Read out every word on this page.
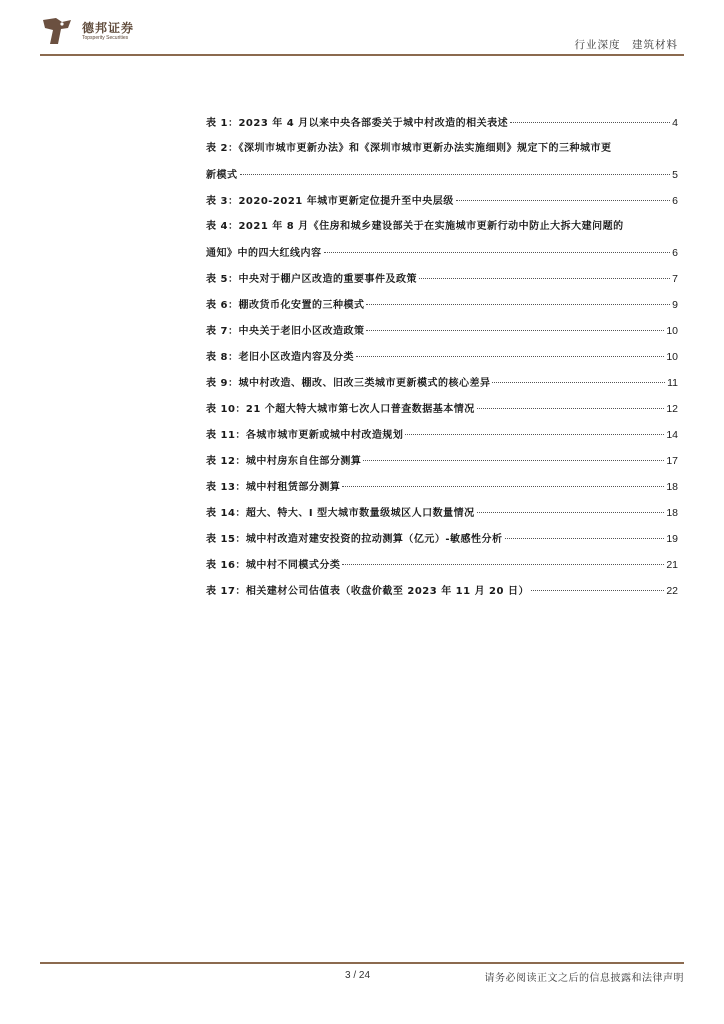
德邦证券
Topsperity Securities
行业深度　建筑材料
表 1：2023 年 4 月以来中央各部委关于城中村改造的相关表述	4
表 2：《深圳市城市更新办法》和《深圳市城市更新办法实施细则》规定下的三种城市更
新模式	5
表 3：2020-2021 年城市更新定位提升至中央层级	6
表 4：2021 年 8 月《住房和城乡建设部关于在实施城市更新行动中防止大拆大建问题的
通知》中的四大红线内容	6
表 5：中央对于棚户区改造的重要事件及政策	7
表 6：棚改货币化安置的三种模式	9
表 7：中央关于老旧小区改造政策	10
表 8：老旧小区改造内容及分类	10
表 9：城中村改造、棚改、旧改三类城市更新模式的核心差异	11
表 10：21 个超大特大城市第七次人口普查数据基本情况	12
表 11：各城市城市更新或城中村改造规划	14
表 12：城中村房东自住部分测算	17
表 13：城中村租赁部分测算	18
表 14：超大、特大、I 型大城市数量级城区人口数量情况	18
表 15：城中村改造对建安投资的拉动测算（亿元）-敏感性分析	19
表 16：城中村不同模式分类	21
表 17：相关建材公司估值表（收盘价截至 2023 年 11 月 20 日）	22
3 / 24	请务必阅读正文之后的信息披露和法律声明
